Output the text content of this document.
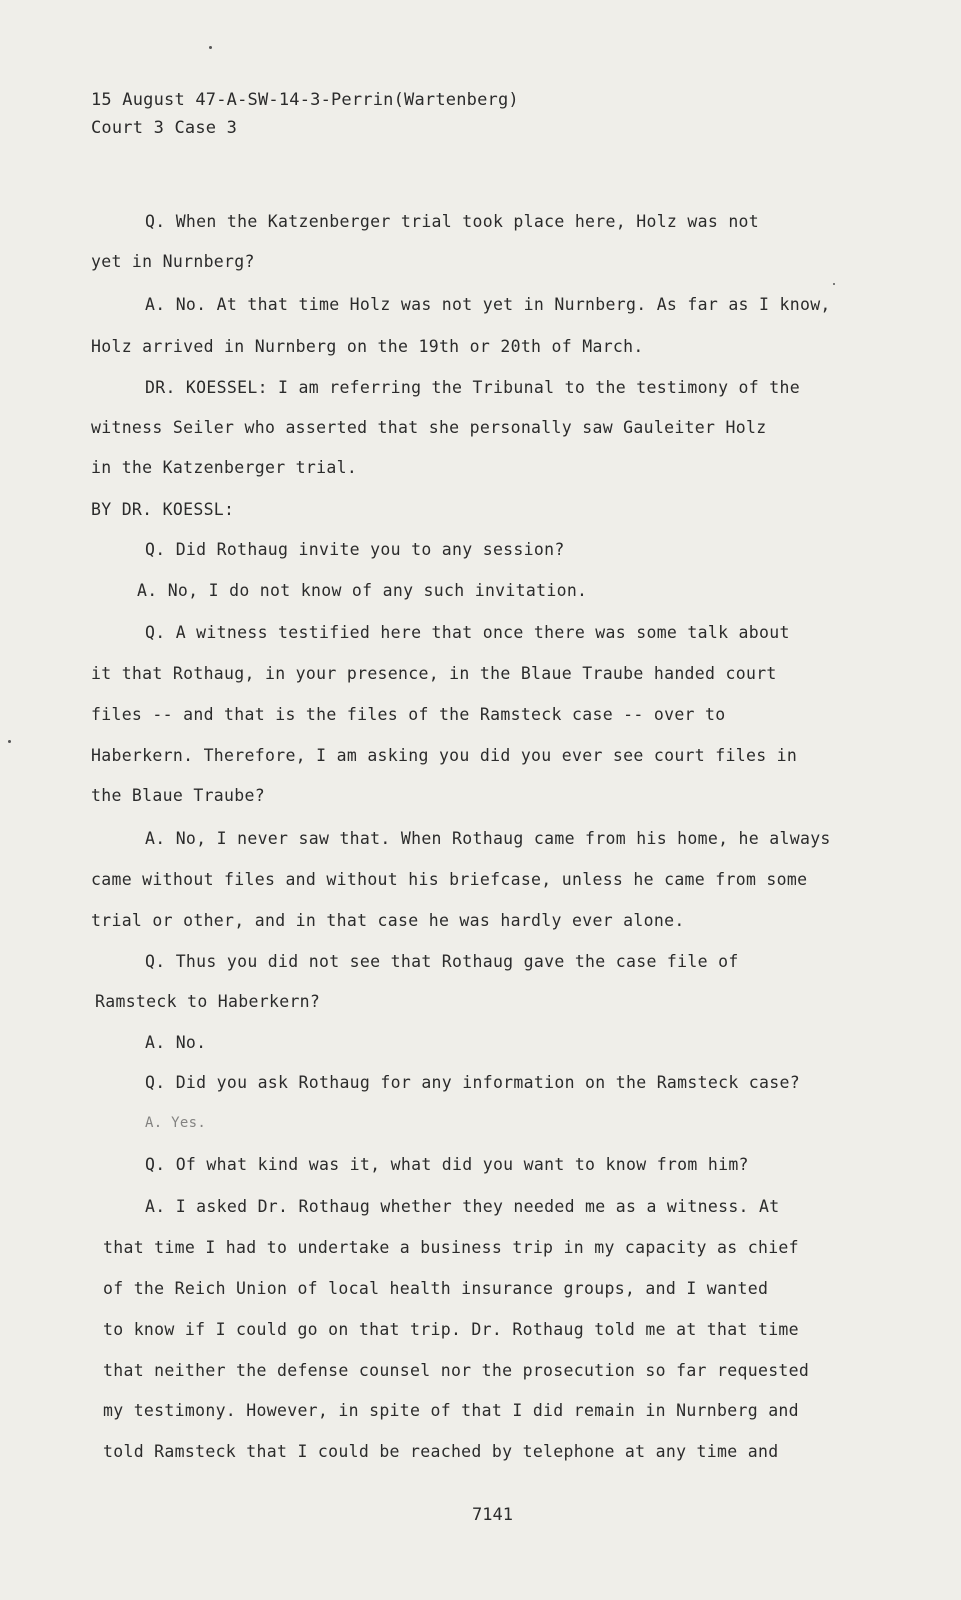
15 August 47-A-SW-14-3-Perrin(Wartenberg)
Court 3 Case 3
Q. When the Katzenberger trial took place here, Holz was not
yet in Nurnberg?
A. No. At that time Holz was not yet in Nurnberg. As far as I know,
Holz arrived in Nurnberg on the 19th or 20th of March.
DR. KOESSEL: I am referring the Tribunal to the testimony of the
witness Seiler who asserted that she personally saw Gauleiter Holz
in the Katzenberger trial.
BY DR. KOESSL:
Q. Did Rothaug invite you to any session?
A. No, I do not know of any such invitation.
Q. A witness testified here that once there was some talk about
it that Rothaug, in your presence, in the Blaue Traube handed court
files -- and that is the files of the Ramsteck case -- over to
Haberkern. Therefore, I am asking you did you ever see court files in
the Blaue Traube?
A. No, I never saw that. When Rothaug came from his home, he always
came without files and without his briefcase, unless he came from some
trial or other, and in that case he was hardly ever alone.
Q. Thus you did not see that Rothaug gave the case file of
Ramsteck to Haberkern?
A. No.
Q. Did you ask Rothaug for any information on the Ramsteck case?
A. Yes.
Q. Of what kind was it, what did you want to know from him?
A. I asked Dr. Rothaug whether they needed me as a witness. At
that time I had to undertake a business trip in my capacity as chief
of the Reich Union of local health insurance groups, and I wanted
to know if I could go on that trip. Dr. Rothaug told me at that time
that neither the defense counsel nor the prosecution so far requested
my testimony. However, in spite of that I did remain in Nurnberg and
told Ramsteck that I could be reached by telephone at any time and
7141
